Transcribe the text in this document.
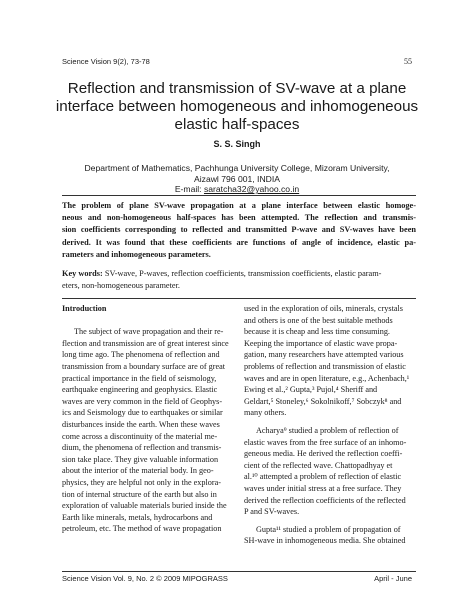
Science Vision 9(2), 73-78	55
Reflection and transmission of SV-wave at a plane
interface between homogeneous and inhomogeneous
elastic half-spaces
S. S. Singh
Department of Mathematics, Pachhunga University College, Mizoram University,
Aizawl 796 001, INDIA
E-mail: saratcha32@yahoo.co.in
The problem of plane SV-wave propagation at a plane interface between elastic homoge-
neous and non-homogeneous half-spaces has been attempted. The reflection and transmis-
sion coefficients corresponding to reflected and transmitted P-wave and SV-waves have been
derived. It was found that these coefficients are functions of angle of incidence, elastic pa-
rameters and inhomogeneous parameters.
Key words: SV-wave, P-waves, reflection coefficients, transmission coefficients, elastic param-
eters, non-homogeneous parameter.
Introduction
The subject of wave propagation and their re-
flection and transmission are of great interest since
long time ago. The phenomena of reflection and
transmission from a boundary surface are of great
practical importance in the field of seismology,
earthquake engineering and geophysics. Elastic
waves are very common in the field of Geophys-
ics and Seismology due to earthquakes or similar
disturbances inside the earth. When these waves
come across a discontinuity of the material me-
dium, the phenomena of reflection and transmis-
sion take place. They give valuable information
about the interior of the material body. In geo-
physics, they are helpful not only in the explora-
tion of internal structure of the earth but also in
exploration of valuable materials buried inside the
Earth like minerals, metals, hydrocarbons and
petroleum, etc. The method of wave propagation
used in the exploration of oils, minerals, crystals
and others is one of the best suitable methods
because it is cheap and less time consuming.
Keeping the importance of elastic wave propa-
gation, many researchers have attempted various
problems of reflection and transmission of elastic
waves and are in open literature, e.g., Achenbach,¹
Ewing et al.,² Gupta,³ Pujol,⁴ Sheriff and
Geldart,⁵ Stoneley,⁶ Sokolnikoff,⁷ Sobczyk⁸ and
many others.
Acharya⁹ studied a problem of reflection of
elastic waves from the free surface of an inhomo-
geneous media. He derived the reflection coeffi-
cient of the reflected wave. Chattopadhyay et
al.¹⁰ attempted a problem of reflection of elastic
waves under initial stress at a free surface. They
derived the reflection coefficients of the reflected
P and SV-waves.
Gupta¹¹ studied a problem of propagation of
SH-wave in inhomogeneous media. She obtained
Science Vision Vol. 9, No. 2 © 2009 MIPOGRASS	April - June
